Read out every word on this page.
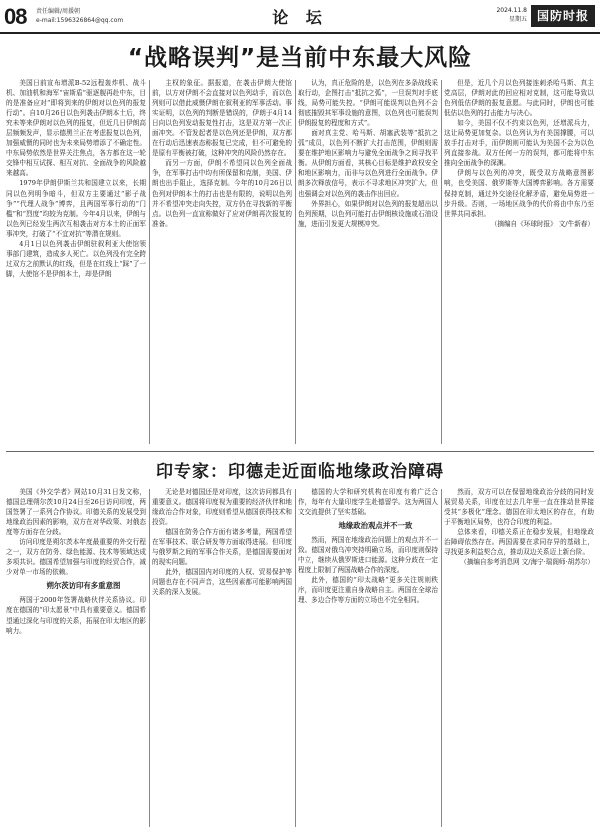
08 责任编辑/周援朝
e-mail:1596326864@qq.com	论 坛	2024.11.8
星期五 国防时报
“战略误判”是当前中东最大风险

美国日前宣布增派B-52远程轰炸机、战斗机、加油机和海军“宙斯盾”驱逐舰再赴中东，目的是准备应对“即将到来的伊朗对以色列的报复行动”。自10月26日以色列袭击伊朗本土后，终究未等来伊朗对以色列的报复，但近几日伊朗高层频频发声，显示德黑兰正在考虑报复以色列，加强威慑的同时也为未来局势增添了不确定性。中东局势依然是世界关注焦点，各方都在这一轮交锋中相互试探、相互对抗、全面战争的风险越来越高。

1979年伊朗伊斯兰共和国建立以来，长期同以色列明争暗斗，但双方主要通过“影子战争”“代理人战争”博弈，且两国军事行动的“门槛”和“烈度”均较为克制。今年4月以来，伊朗与以色列已经发生两次互相袭击对方本土的正面军事冲突，打破了“不宜对抗”等潜在规则。

4月1日以色列袭击伊朗驻叙利亚大使馆领事部门建筑，造成多人死亡。以色列没有完全跨过双方之前默认的红线，但是在红线上“踩”了一脚，大使馆不是伊朗本土，却是伊朗

主权的象征。据报道，在袭击伊朗大使馆前，以方对伊朗不会直接对以色列动手，而以色列则可以借此威慑伊朗在叙利亚的军事活动。事实证明，以色列的判断是错误的，伊朗于4月14日向以色列发动报复性打击，这是双方第一次正面冲突。不管发起者是以色列还是伊朗，双方都在行动后迅速表态称报复已完成，但不可避免的是原有平衡被打破，这种冲突的风险仍然存在。

而另一方面，伊朗不希望同以色列全面战争，在军事打击中均有所保留和克制，美国、伊朗也出手阻止，选择克制。今年的10月26日以色列对伊朗本土的打击也是有限的，说明以色列并不希望冲突走向失控，双方仍在寻找新的平衡点。以色列一直宣称做好了应对伊朗再次报复的准备。

认为，真正危险的是，以色列在多条战线采取行动，企图打击“抵抗之弧”，一旦误判对手底线，局势可能失控。“伊朗可能误判以色列不会彻底摧毁其军事设施的意图，以色列也可能误判伊朗报复的程度和方式”。

面对真主党、哈马斯、胡塞武装等“抵抗之弧”成员，以色列不断扩大打击范围，伊朗则需要在维护地区影响力与避免全面战争之间寻找平衡。从伊朗方面看，其核心目标是维护政权安全和地区影响力，而非与以色列进行全面战争。伊朗多次释放信号，表示不寻求地区冲突扩大，但也强调会对以色列的袭击作出回应。

外界担心，如果伊朗对以色列的报复超出以色列预期，以色列可能打击伊朗核设施或石油设施，进而引发更大规模冲突。

但是，近几个月以色列接连刺杀哈马斯、真主党高层，伊朗对此的回应相对克制，这可能导致以色列低估伊朗的报复意愿。与此同时，伊朗也可能低估以色列的打击能力与决心。

如今，美国不仅不约束以色列，还增派兵力，这让局势更加复杂。以色列认为有美国撑腰，可以放手打击对手，而伊朗则可能认为美国不会为以色列直接参战。双方任何一方的误判，都可能将中东推向全面战争的深渊。

伊朗与以色列的冲突，既受双方战略意图影响，也受美国、俄罗斯等大国博弈影响。各方需要保持克制，通过外交途径化解矛盾，避免局势进一步升级。否则，一场地区战争的代价将由中东乃至世界共同承担。

（摘编自《环球时报》 文/牛新春）

印专家：印德走近面临地缘政治障碍

美国《外交学者》网站10月31日发文称，德国总理朔尔茨10月24日至26日访问印度，两国签署了一系列合作协议。印德关系的发展受到地缘政治因素的影响，双方在对华政策、对俄态度等方面存在分歧。

访问印度是朔尔茨本年度最重要的外交行程之一，双方在防务、绿色能源、技术等领域达成多项共识。德国希望加强与印度的经贸合作，减少对单一市场的依赖。

朔尔茨访印有多重意图

两国于2000年签署战略伙伴关系协议。印度在德国的“印太愿景”中具有重要意义。德国希望通过深化与印度的关系，拓展在印太地区的影响力。

无论是对德国还是对印度，这次访问都具有重要意义。德国将印度视为重要的经济伙伴和地缘政治合作对象，印度则希望从德国获得技术和投资。

德国在防务合作方面有诸多考量，两国希望在军事技术、联合研发等方面取得进展。但印度与俄罗斯之间的军事合作关系，是德国需要面对的现实问题。

此外，德国国内对印度的人权、贸易保护等问题也存在不同声音，这些因素都可能影响两国关系的深入发展。

德国的大学和研究机构在印度有着广泛合作，每年有大量印度学生赴德留学。这为两国人文交流提供了坚实基础。

地缘政治观点并不一致

然而，两国在地缘政治问题上的观点并不一致。德国对俄乌冲突持明确立场，而印度则保持中立，继续从俄罗斯进口能源。这种分歧在一定程度上限制了两国战略合作的深度。

此外，德国的“印太战略”更多关注规则秩序，而印度更注重自身战略自主。两国在全球治理、多边合作等方面的立场也不完全相同。

然而，双方可以在保留地缘政治分歧的同时发展贸易关系，印度在过去几年里一直在推动世界接受其“多极化”理念。德国在印太地区的存在，有助于平衡地区局势，也符合印度的利益。

总体来看，印德关系正在稳步发展，但地缘政治障碍依然存在。两国需要在求同存异的基础上，寻找更多利益契合点，推动双边关系迈上新台阶。

（摘编自参考消息网 文/海宁·瑞阁师·胡苏尔）
